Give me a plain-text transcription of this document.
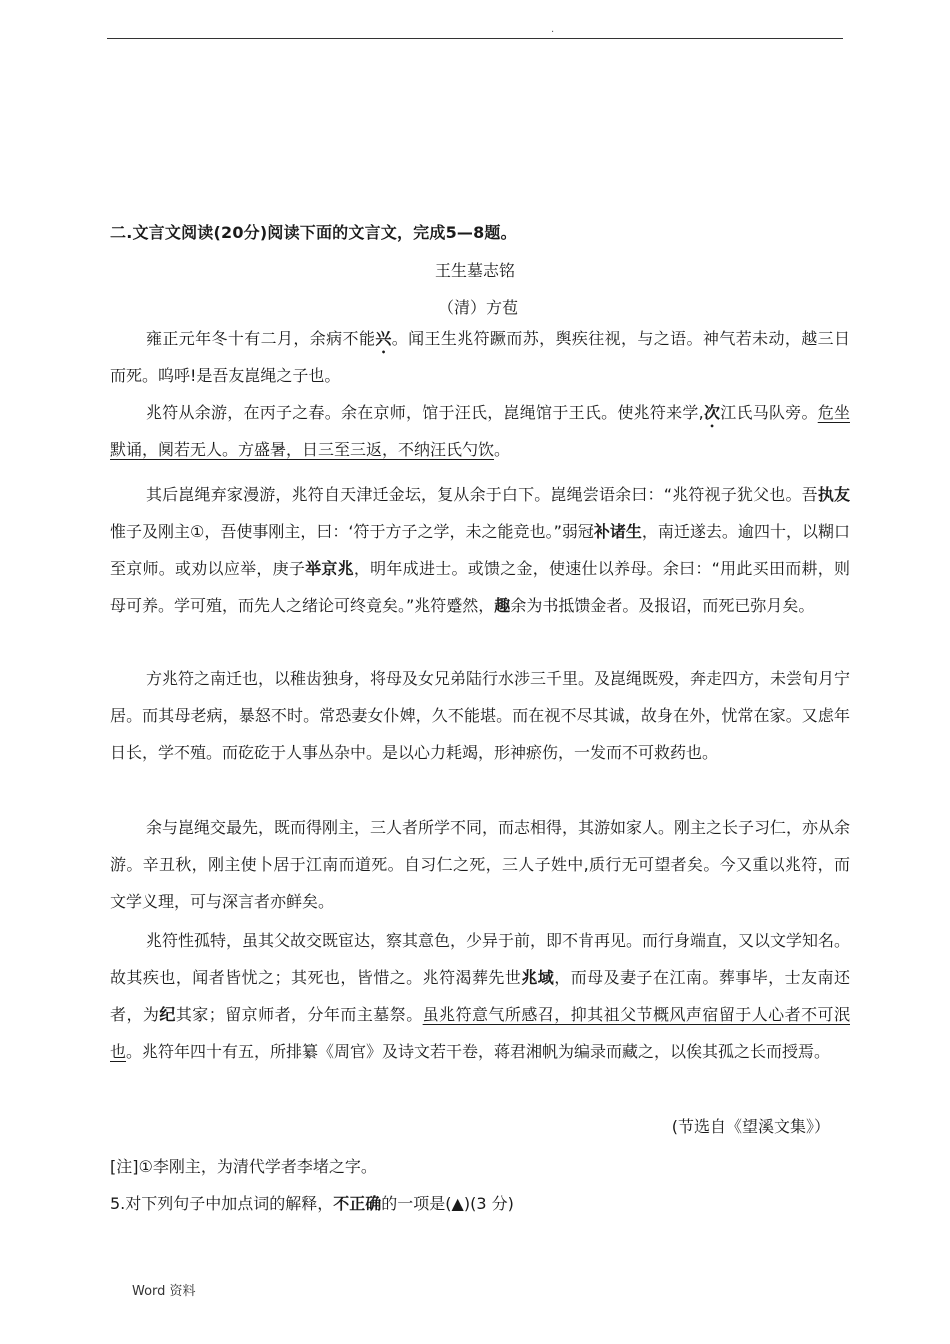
.
二.文言文阅读(20分)阅读下面的文言文，完成5—8题。
王生墓志铭
（清）方苞
雍正元年冬十有二月，余病不能兴。闻王生兆符蹶而苏，舆疾往视，与之语。神气若未动，越三日而死。呜呼!是吾友崑绳之子也。
兆符从余游，在丙子之春。余在京师，馆于汪氏，崑绳馆于王氏。使兆符来学,次江氏马队旁。危坐默诵，阒若无人。方盛暑，日三至三返，不纳汪氏勺饮。
其后崑绳弃家漫游，兆符自天津迁金坛，复从余于白下。崑绳尝语余曰：“兆符视子犹父也。吾执友惟子及刚主①，吾使事刚主，曰：‘符于方子之学，未之能竞也。”弱冠补诸生，南迁遂去。逾四十，以糊口至京师。或劝以应举，庚子举京兆，明年成进士。或馈之金，使速仕以养母。余曰：“用此买田而耕，则母可养。学可殖，而先人之绪论可终竟矣。”兆符蹙然，趣余为书抵馈金者。及报诏，而死已弥月矣。
方兆符之南迁也，以稚齿独身，将母及女兄弟陆行水涉三千里。及崑绳既殁，奔走四方，未尝旬月宁居。而其母老病，暴怒不时。常恐妻女仆婢，久不能堪。而在视不尽其诚，故身在外，忧常在家。又虑年日长，学不殖。而矻矻于人事丛杂中。是以心力耗竭，形神瘀伤，一发而不可救药也。
余与崑绳交最先，既而得刚主，三人者所学不同，而志相得，其游如家人。刚主之长子习仁，亦从余游。辛丑秋，刚主使卜居于江南而道死。自习仁之死，三人子姓中,质行无可望者矣。今又重以兆符，而文学义理，可与深言者亦鲜矣。
兆符性孤特，虽其父故交既宦达，察其意色，少异于前，即不肯再见。而行身端直，又以文学知名。故其疾也，闻者皆忧之；其死也，皆惜之。兆符渴葬先世兆域，而母及妻子在江南。葬事毕，士友南还者，为纪其家；留京师者，分年而主墓祭。虽兆符意气所感召，抑其祖父节概风声宿留于人心者不可泯也。兆符年四十有五，所排纂《周官》及诗文若干卷，蒋君湘帆为编录而藏之，以俟其孤之长而授焉。
(节选自《望溪文集》）
[注]①李刚主，为清代学者李堵之字。
5.对下列句子中加点词的解释，不正确的一项是(▲)(3 分)
Word 资料
